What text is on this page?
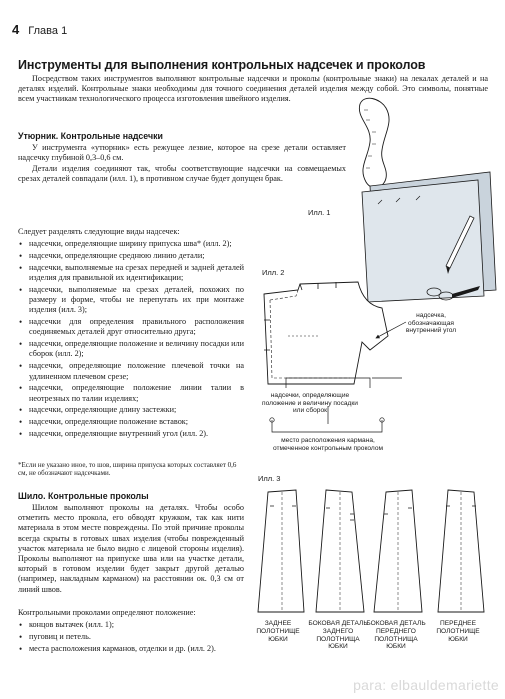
4 Глава 1
Инструменты для выполнения контрольных надсечек и проколов
Посредством таких инструментов выполняют контрольные надсечки и проколы (контрольные знаки) на лекалах деталей и на деталях изделий. Контрольные знаки необходимы для точного соединения деталей изделия между собой. Это символы, понятные всем участникам технологического процесса изготовления швейного изделия.
Утюрник. Контрольные надсечки
У инструмента «утюрник» есть режущее лезвие, которое на срезе детали оставляет надсечку глубиной 0,3–0,6 см.
Детали изделия соединяют так, чтобы соответствующие надсечки на совмещаемых срезах деталей совпадали (илл. 1), в противном случае будет допущен брак.
Следует разделять следующие виды надсечек:
• надсечки, определяющие ширину припуска шва* (илл. 2);
• надсечки, определяющие среднюю линию детали;
• надсечки, выполняемые на срезах передней и задней деталей изделия для правильной их идентификации;
• надсечки, выполняемые на срезах деталей, похожих по размеру и форме, чтобы не перепутать их при монтаже изделия (илл. 3);
• надсечки для определения правильного расположения соединяемых деталей друг относительно друга;
• надсечки, определяющие положение и величину посадки или сборок (илл. 2);
• надсечки, определяющие положение плечевой точки на удлиненном плечевом срезе;
• надсечки, определяющие положение линии талии в неотрезных по талии изделиях;
• надсечки, определяющие длину застежки;
• надсечки, определяющие положение вставок;
• надсечки, определяющие внутренний угол (илл. 2).
*Если не указано иное, то шов, ширина припуска которых составляет 0,6 см, не обозначают надсечками.
Шило. Контрольные проколы
Шилом выполняют проколы на деталях. Чтобы особо отметить место прокола, его обводят кружком, так как нити материала в этом месте повреждены. По этой причине проколы всегда скрыты в готовых швах изделия (чтобы поврежденный участок материала не было видно с лицевой стороны изделия). Проколы выполняют на припуске шва или на участке детали, который в готовом изделии будет закрыт другой деталью (например, накладным карманом) на расстоянии ок. 0,3 см от линий швов.
Контрольными проколами определяют положение:
• концов вытачек (илл. 1);
• пуговиц и петель.
• места расположения карманов, отделки и др. (илл. 2).
Илл. 1
Илл. 2
надсечка, обозначающая внутренний угол
надсечки, определяющие положение и величину посадки или сборок
место расположения кармана, отмеченное контрольным проколом
Илл. 3
ЗАДНЕЕ ПОЛОТНИЩЕ ЮБКИ
БОКОВАЯ ДЕТАЛЬ ЗАДНЕГО ПОЛОТНИЩА ЮБКИ
БОКОВАЯ ДЕТАЛЬ ПЕРЕДНЕГО ПОЛОТНИЩА ЮБКИ
ПЕРЕДНЕЕ ПОЛОТНИЩЕ ЮБКИ
para: elbauldemariette
